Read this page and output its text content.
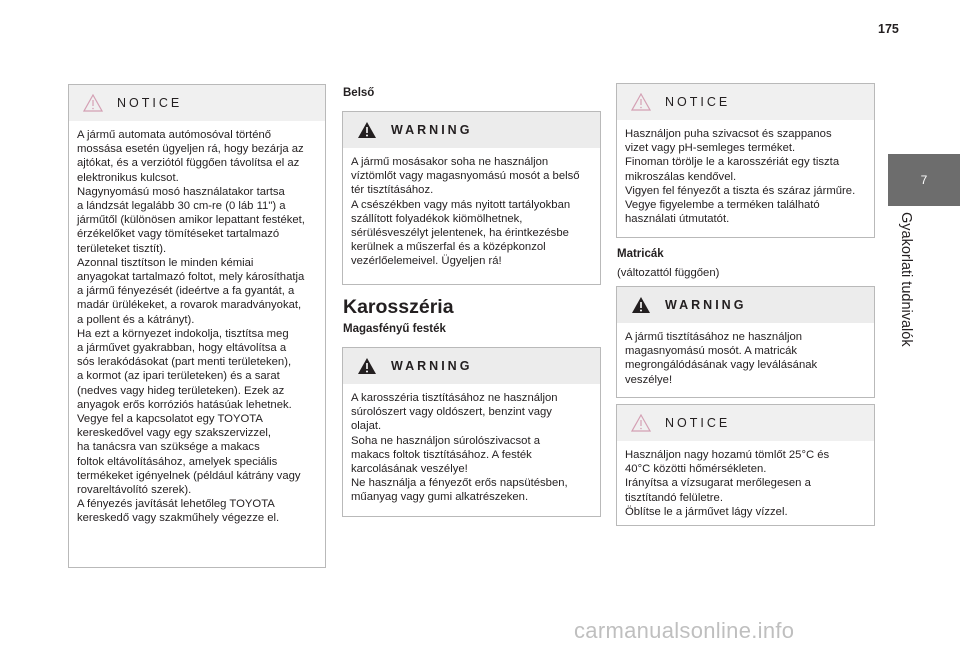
175
NOTICE

A jármű automata autómosóval történő
mossása esetén ügyeljen rá, hogy bezárja az
ajtókat, és a verziótól függően távolítsa el az
elektronikus kulcsot.
Nagynyomású mosó használatakor tartsa
a lándzsát legalább 30 cm-re (0 láb 11") a
járműtől (különösen amikor lepattant festéket,
érzékelőket vagy tömítéseket tartalmazó
területeket tisztít).
Azonnal tisztítson le minden kémiai
anyagokat tartalmazó foltot, mely károsíthatja
a jármű fényezését (ideértve a fa gyantát, a
madár ürülékeket, a rovarok maradványokat,
a pollent és a kátrányt).
Ha ezt a környezet indokolja, tisztítsa meg
a járművet gyakrabban, hogy eltávolítsa a
sós lerakódásokat (part menti területeken),
a kormot (az ipari területeken) és a sarat
(nedves vagy hideg területeken). Ezek az
anyagok erős korróziós hatásúak lehetnek.
Vegye fel a kapcsolatot egy TOYOTA
kereskedővel vagy egy szakszervizzel,
ha tanácsra van szüksége a makacs
foltok eltávolításához, amelyek speciális
termékeket igényelnek (például kátrány vagy
rovareltávolító szerek).
A fényezés javítását lehetőleg TOYOTA
kereskedő vagy szakműhely végezze el.

Belső
WARNING

A jármű mosásakor soha ne használjon
víztömlőt vagy magasnyomású mosót a belső
tér tisztításához.
A csészékben vagy más nyitott tartályokban
szállított folyadékok kiömölhetnek,
sérülésveszélyt jelentenek, ha érintkezésbe
kerülnek a műszerfal és a középkonzol
vezérlőelemeivel. Ügyeljen rá!

Karosszéria
Magasfényű festék
WARNING

A karosszéria tisztításához ne használjon
súrolószert vagy oldószert, benzint vagy
olajat.
Soha ne használjon súrolószivacsot a
makacs foltok tisztításához. A festék
karcolásának veszélye!
Ne használja a fényezőt erős napsütésben,
műanyag vagy gumi alkatrészeken.

NOTICE

Használjon puha szivacsot és szappanos
vizet vagy pH-semleges terméket.
Finoman törölje le a karosszériát egy tiszta
mikroszálas kendővel.
Vigyen fel fényezőt a tiszta és száraz járműre.
Vegye figyelembe a terméken található
használati útmutatót.

Matricák

(változattól függően)

WARNING

A jármű tisztításához ne használjon
magasnyomású mosót. A matricák
megrongálódásának vagy leválásának
veszélye!

NOTICE

Használjon nagy hozamú tömlőt 25°C és
40°C közötti hőmérsékleten.
Irányítsa a vízsugarat merőlegesen a
tisztítandó felületre.
Öblítse le a járművet lágy vízzel.

7
Gyakorlati tudnivalók
carmanualsonline.info
